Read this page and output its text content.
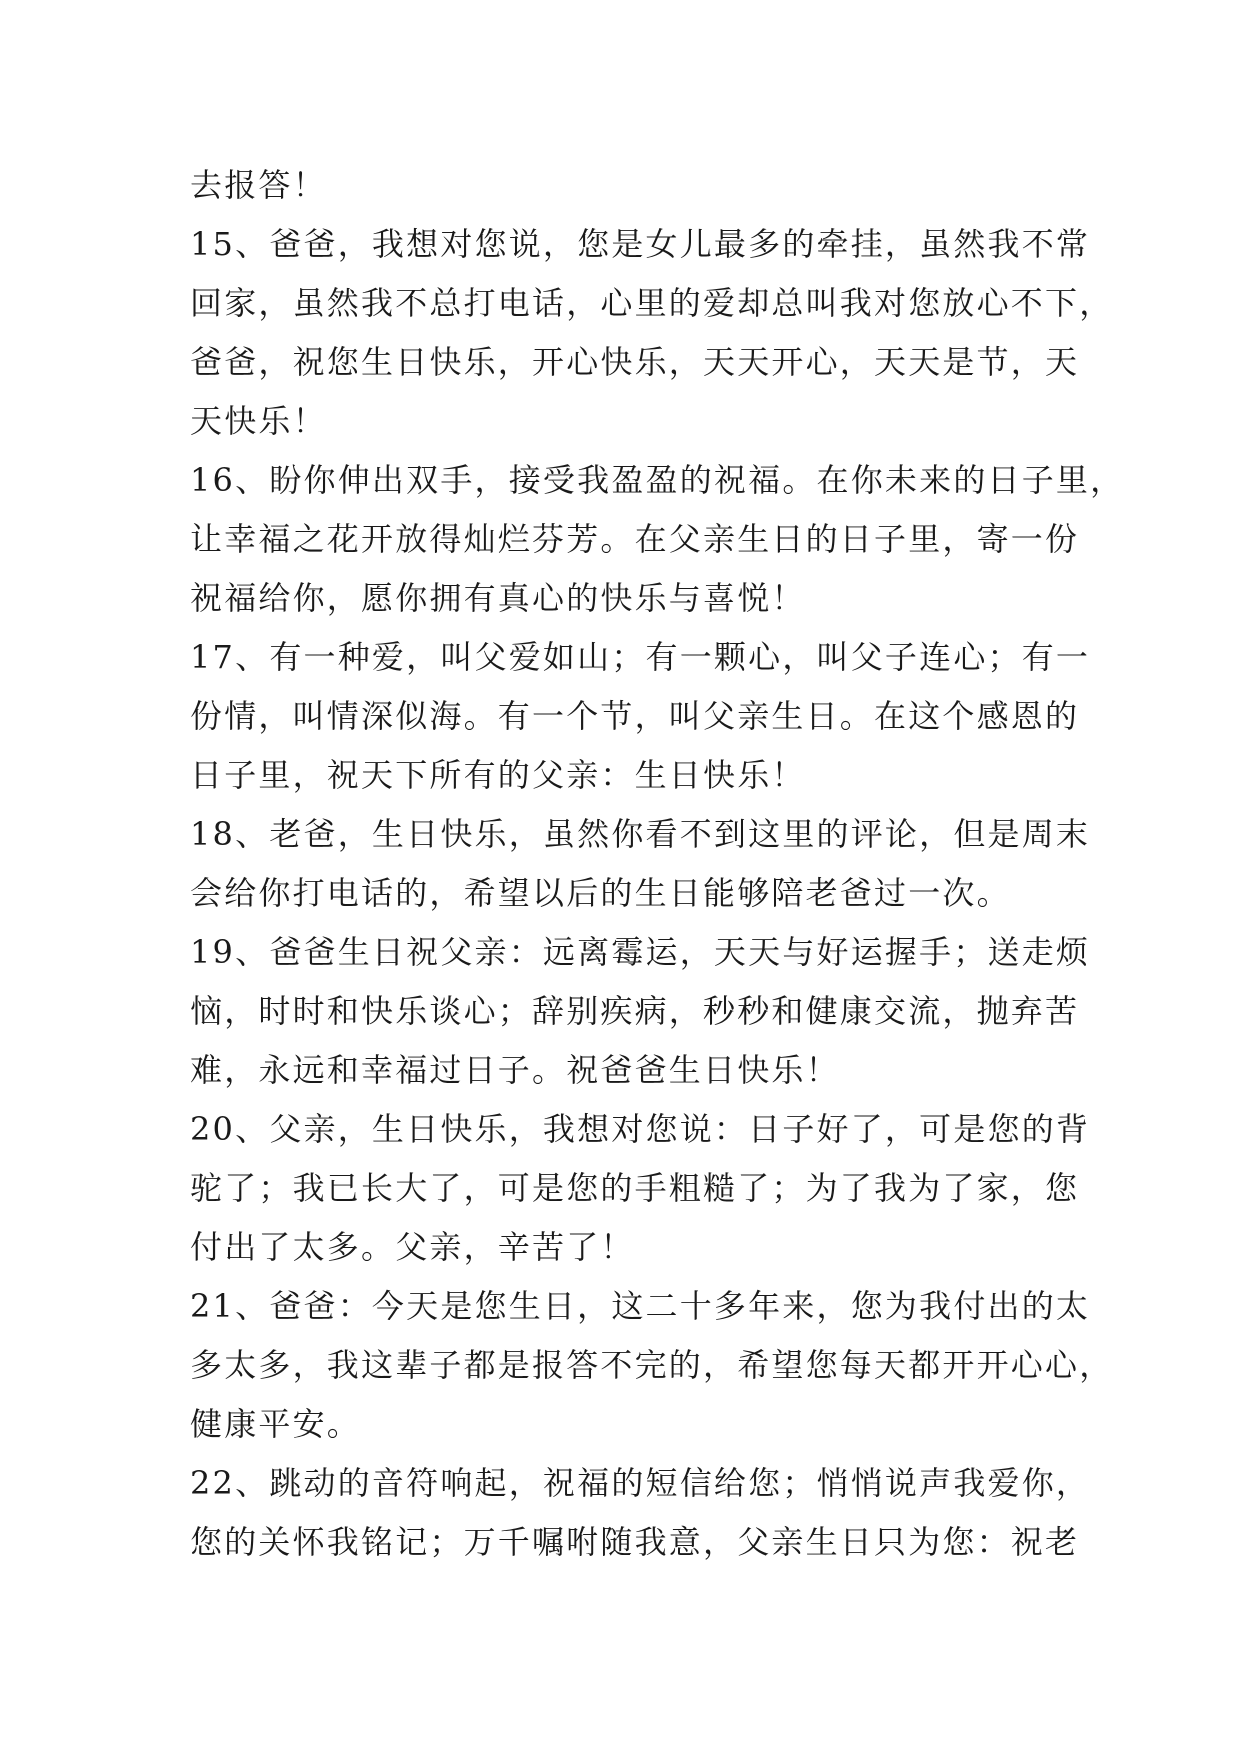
去报答！
15、爸爸，我想对您说，您是女儿最多的牵挂，虽然我不常
回家，虽然我不总打电话，心里的爱却总叫我对您放心不下，
爸爸，祝您生日快乐，开心快乐，天天开心，天天是节，天
天快乐！
16、盼你伸出双手，接受我盈盈的祝福。在你未来的日子里，
让幸福之花开放得灿烂芬芳。在父亲生日的日子里，寄一份
祝福给你，愿你拥有真心的快乐与喜悦！
17、有一种爱，叫父爱如山；有一颗心，叫父子连心；有一
份情，叫情深似海。有一个节，叫父亲生日。在这个感恩的
日子里，祝天下所有的父亲：生日快乐！
18、老爸，生日快乐，虽然你看不到这里的评论，但是周末
会给你打电话的，希望以后的生日能够陪老爸过一次。
19、爸爸生日祝父亲：远离霉运，天天与好运握手；送走烦
恼，时时和快乐谈心；辞别疾病，秒秒和健康交流，抛弃苦
难，永远和幸福过日子。祝爸爸生日快乐！
20、父亲，生日快乐，我想对您说：日子好了，可是您的背
驼了；我已长大了，可是您的手粗糙了；为了我为了家，您
付出了太多。父亲，辛苦了！
21、爸爸：今天是您生日，这二十多年来，您为我付出的太
多太多，我这辈子都是报答不完的，希望您每天都开开心心，
健康平安。
22、跳动的音符响起，祝福的短信给您；悄悄说声我爱你，
您的关怀我铭记；万千嘱咐随我意，父亲生日只为您：祝老
